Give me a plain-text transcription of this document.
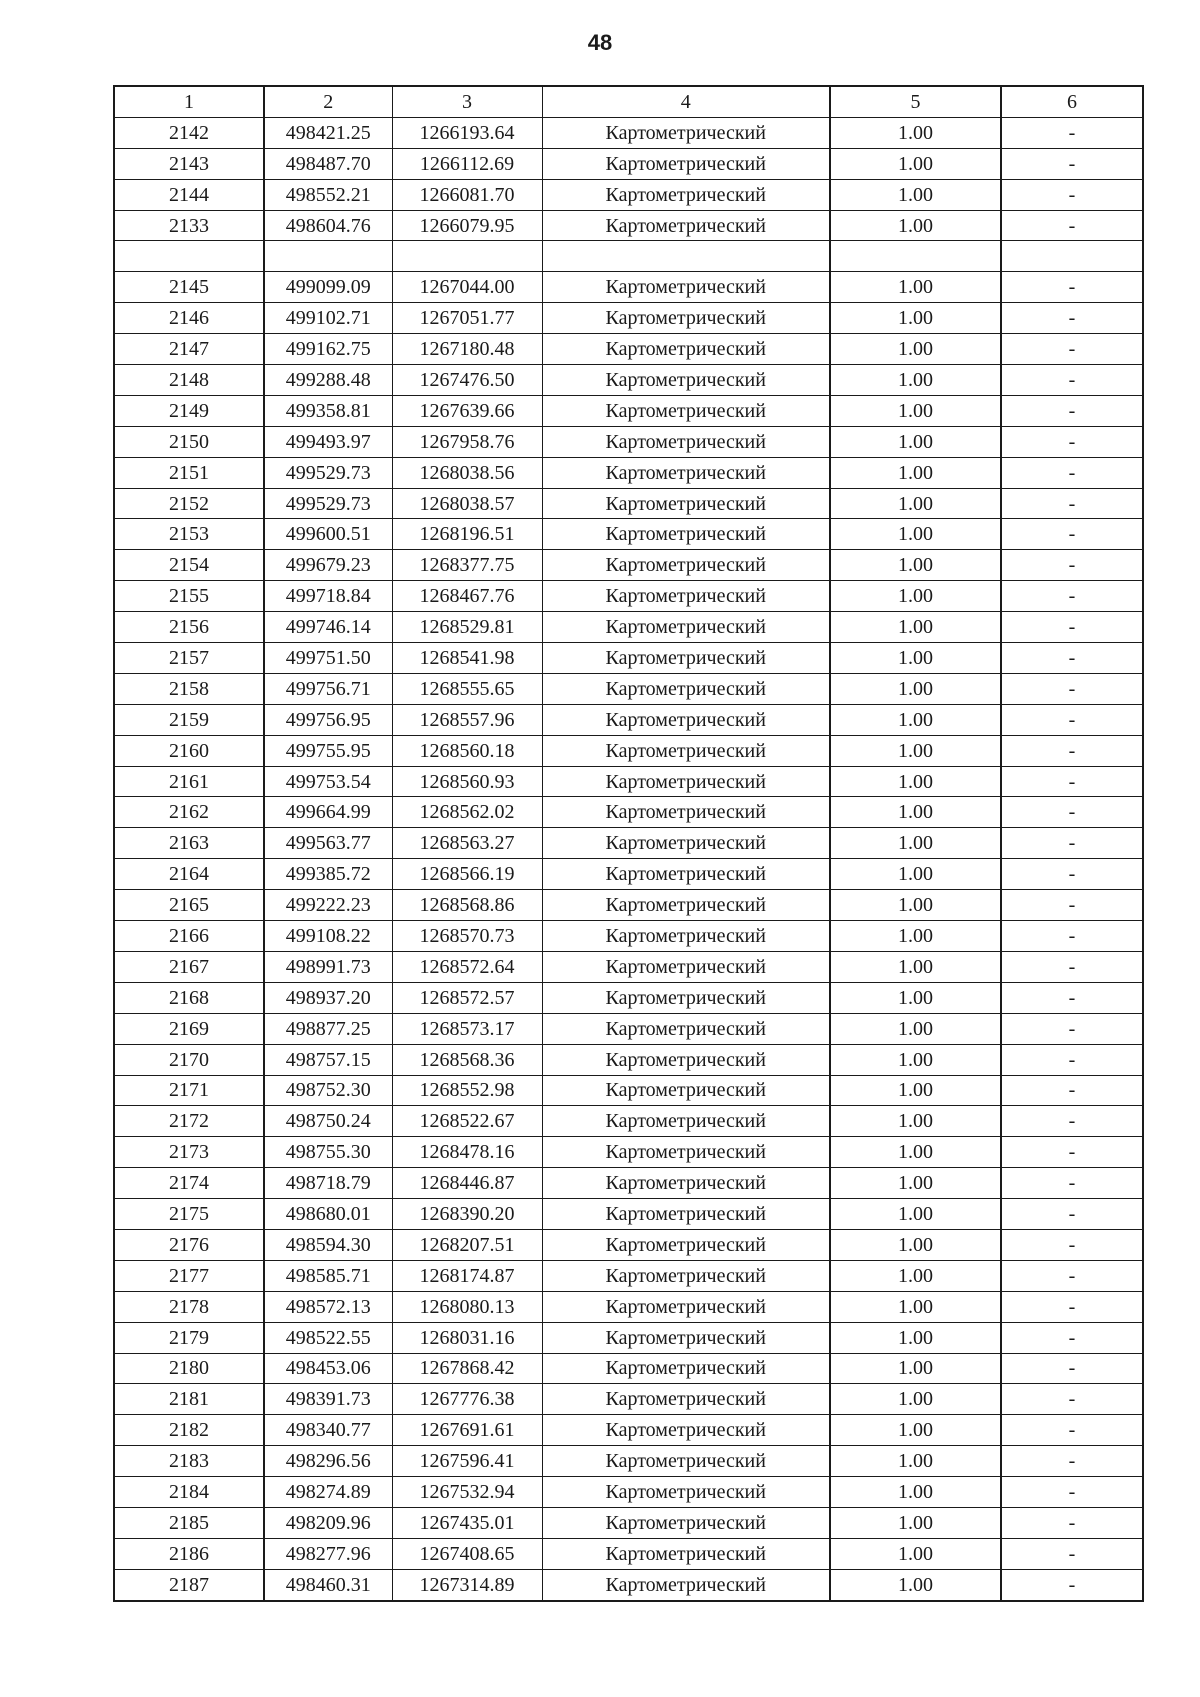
48
1	2	3	4	5	6
2142	498421.25	1266193.64	Картометрический	1.00	-
2143	498487.70	1266112.69	Картометрический	1.00	-
2144	498552.21	1266081.70	Картометрический	1.00	-
2133	498604.76	1266079.95	Картометрический	1.00	-

2145	499099.09	1267044.00	Картометрический	1.00	-
2146	499102.71	1267051.77	Картометрический	1.00	-
2147	499162.75	1267180.48	Картометрический	1.00	-
2148	499288.48	1267476.50	Картометрический	1.00	-
2149	499358.81	1267639.66	Картометрический	1.00	-
2150	499493.97	1267958.76	Картометрический	1.00	-
2151	499529.73	1268038.56	Картометрический	1.00	-
2152	499529.73	1268038.57	Картометрический	1.00	-
2153	499600.51	1268196.51	Картометрический	1.00	-
2154	499679.23	1268377.75	Картометрический	1.00	-
2155	499718.84	1268467.76	Картометрический	1.00	-
2156	499746.14	1268529.81	Картометрический	1.00	-
2157	499751.50	1268541.98	Картометрический	1.00	-
2158	499756.71	1268555.65	Картометрический	1.00	-
2159	499756.95	1268557.96	Картометрический	1.00	-
2160	499755.95	1268560.18	Картометрический	1.00	-
2161	499753.54	1268560.93	Картометрический	1.00	-
2162	499664.99	1268562.02	Картометрический	1.00	-
2163	499563.77	1268563.27	Картометрический	1.00	-
2164	499385.72	1268566.19	Картометрический	1.00	-
2165	499222.23	1268568.86	Картометрический	1.00	-
2166	499108.22	1268570.73	Картометрический	1.00	-
2167	498991.73	1268572.64	Картометрический	1.00	-
2168	498937.20	1268572.57	Картометрический	1.00	-
2169	498877.25	1268573.17	Картометрический	1.00	-
2170	498757.15	1268568.36	Картометрический	1.00	-
2171	498752.30	1268552.98	Картометрический	1.00	-
2172	498750.24	1268522.67	Картометрический	1.00	-
2173	498755.30	1268478.16	Картометрический	1.00	-
2174	498718.79	1268446.87	Картометрический	1.00	-
2175	498680.01	1268390.20	Картометрический	1.00	-
2176	498594.30	1268207.51	Картометрический	1.00	-
2177	498585.71	1268174.87	Картометрический	1.00	-
2178	498572.13	1268080.13	Картометрический	1.00	-
2179	498522.55	1268031.16	Картометрический	1.00	-
2180	498453.06	1267868.42	Картометрический	1.00	-
2181	498391.73	1267776.38	Картометрический	1.00	-
2182	498340.77	1267691.61	Картометрический	1.00	-
2183	498296.56	1267596.41	Картометрический	1.00	-
2184	498274.89	1267532.94	Картометрический	1.00	-
2185	498209.96	1267435.01	Картометрический	1.00	-
2186	498277.96	1267408.65	Картометрический	1.00	-
2187	498460.31	1267314.89	Картометрический	1.00	-
